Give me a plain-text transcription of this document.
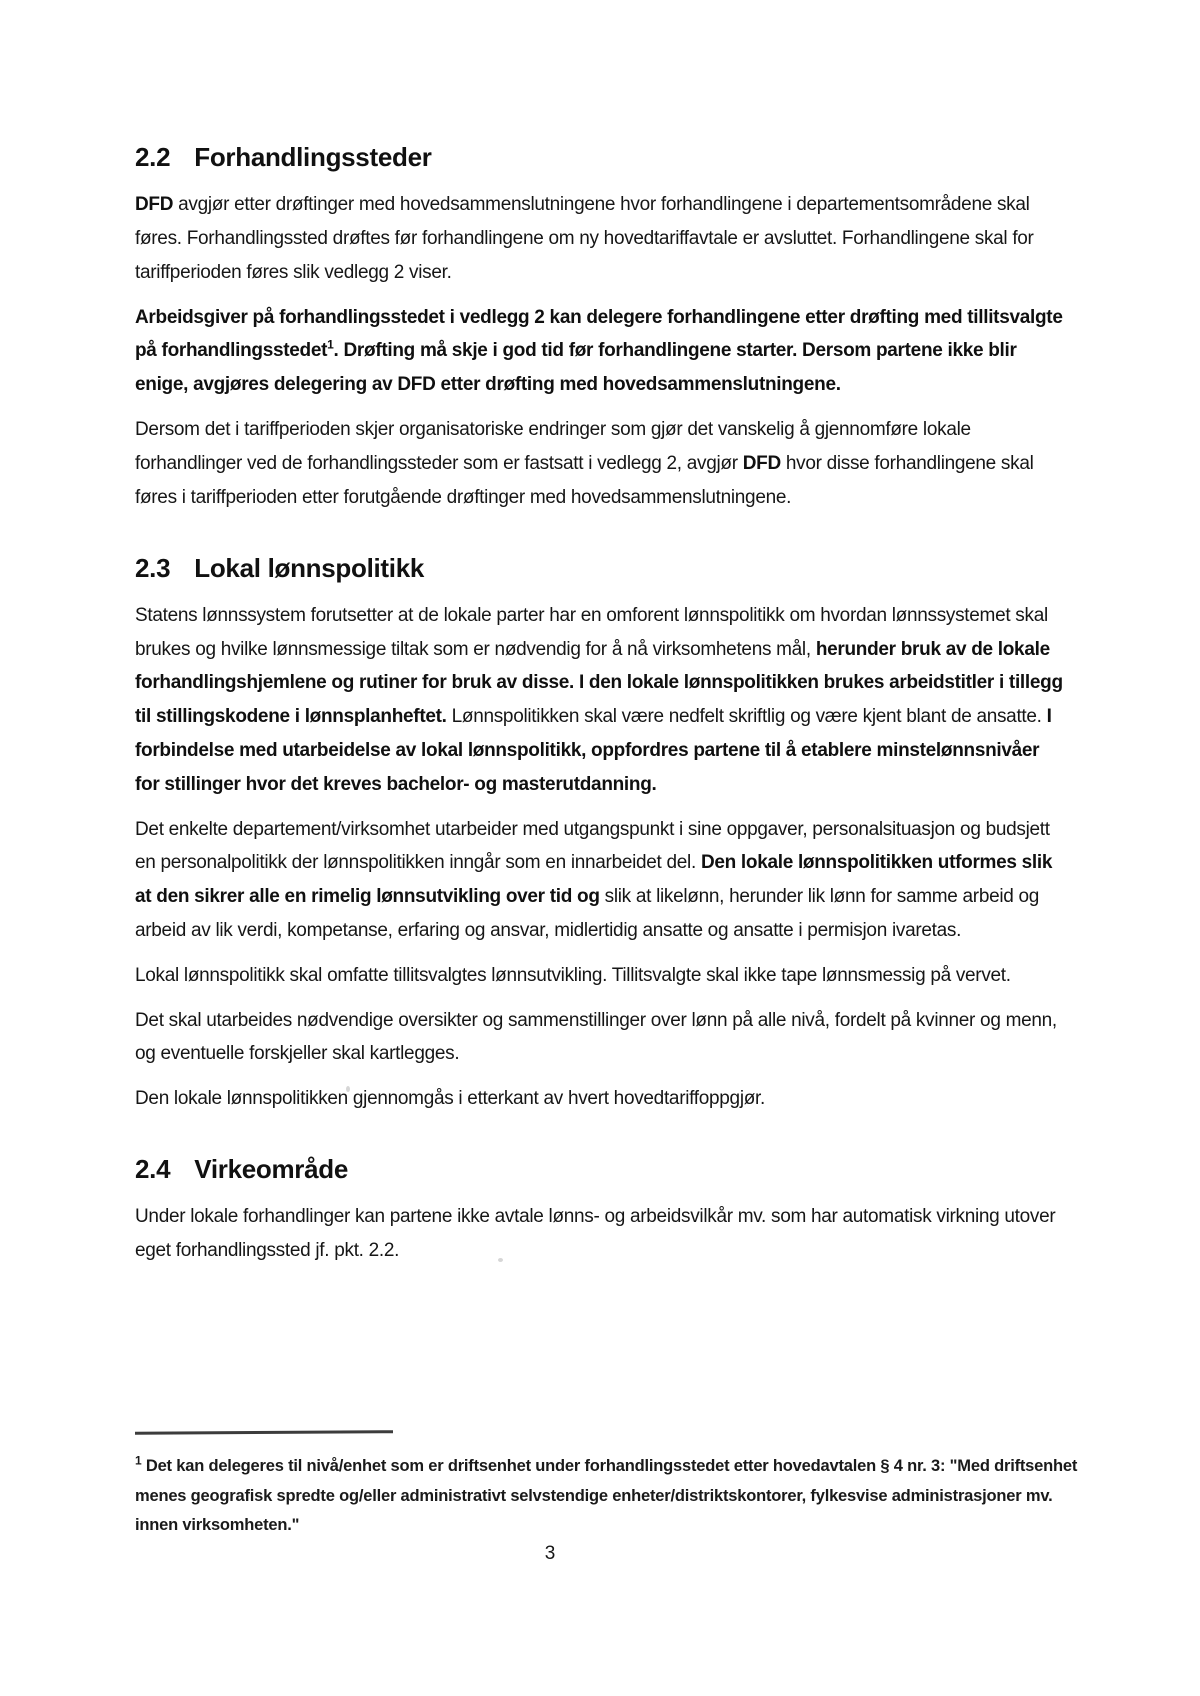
2.2 Forhandlingssteder

DFD avgjør etter drøftinger med hovedsammenslutningene hvor forhandlingene i departementsområdene skal føres. Forhandlingssted drøftes før forhandlingene om ny hovedtariffavtale er avsluttet. Forhandlingene skal for tariffperioden føres slik vedlegg 2 viser.

Arbeidsgiver på forhandlingsstedet i vedlegg 2 kan delegere forhandlingene etter drøfting med tillitsvalgte på forhandlingsstedet$^1$. Drøfting må skje i god tid før forhandlingene starter. Dersom partene ikke blir enige, avgjøres delegering av DFD etter drøfting med hovedsammenslutningene.

Dersom det i tariffperioden skjer organisatoriske endringer som gjør det vanskelig å gjennomføre lokale forhandlinger ved de forhandlingssteder som er fastsatt i vedlegg 2, avgjør DFD hvor disse forhandlingene skal føres i tariffperioden etter forutgående drøftinger med hovedsammenslutningene.

2.3 Lokal lønnspolitikk

Statens lønnssystem forutsetter at de lokale parter har en omforent lønnspolitikk om hvordan lønnssystemet skal brukes og hvilke lønnsmessige tiltak som er nødvendig for å nå virksomhetens mål, herunder bruk av de lokale forhandlingshjemlene og rutiner for bruk av disse. I den lokale lønnspolitikken brukes arbeidstitler i tillegg til stillingskodene i lønnsplanheftet. Lønnspolitikken skal være nedfelt skriftlig og være kjent blant de ansatte. I forbindelse med utarbeidelse av lokal lønnspolitikk, oppfordres partene til å etablere minstelønnsnivåer for stillinger hvor det kreves bachelor- og masterutdanning.

Det enkelte departement/virksomhet utarbeider med utgangspunkt i sine oppgaver, personalsituasjon og budsjett en personalpolitikk der lønnspolitikken inngår som en innarbeidet del. Den lokale lønnspolitikken utformes slik at den sikrer alle en rimelig lønnsutvikling over tid og slik at likelønn, herunder lik lønn for samme arbeid og arbeid av lik verdi, kompetanse, erfaring og ansvar, midlertidig ansatte og ansatte i permisjon ivaretas.

Lokal lønnspolitikk skal omfatte tillitsvalgtes lønnsutvikling. Tillitsvalgte skal ikke tape lønnsmessig på vervet.

Det skal utarbeides nødvendige oversikter og sammenstillinger over lønn på alle nivå, fordelt på kvinner og menn, og eventuelle forskjeller skal kartlegges.

Den lokale lønnspolitikken gjennomgås i etterkant av hvert hovedtariffoppgjør.

2.4 Virkeområde

Under lokale forhandlinger kan partene ikke avtale lønns- og arbeidsvilkår mv. som har automatisk virkning utover eget forhandlingssted jf. pkt. 2.2.

$^1$ Det kan delegeres til nivå/enhet som er driftsenhet under forhandlingsstedet etter hovedavtalen § 4 nr. 3: "Med driftsenhet menes geografisk spredte og/eller administrativt selvstendige enheter/distriktskontorer, fylkesvise administrasjoner mv. innen virksomheten."
3
